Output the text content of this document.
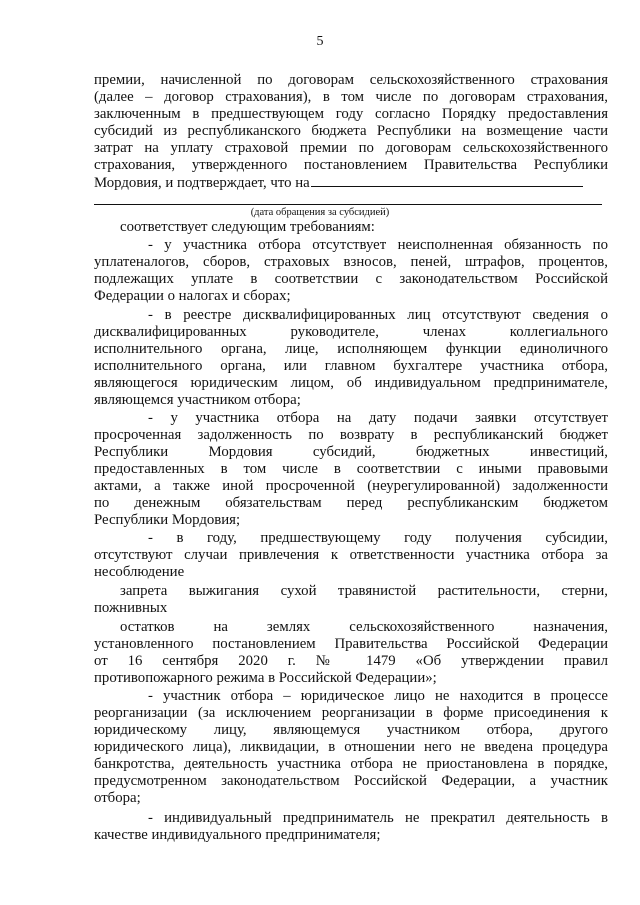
5
премии, начисленной по договорам сельскохозяйственного страхования
(далее – договор страхования), в том числе по договорам страхования,
заключенным в предшествующем году согласно Порядку предоставления
субсидий из республиканского бюджета Республики на возмещение части
затрат на уплату страховой премии по договорам сельскохозяйственного
страхования, утвержденного постановлением Правительства Республики
Мордовия, и подтверждает, что на
(дата обращения за субсидией)
соответствует следующим требованиям:
- у участника отбора отсутствует неисполненная обязанность по
уплатеналогов, сборов, страховых взносов, пеней, штрафов, процентов,
подлежащих уплате в соответствии с законодательством Российской
Федерации о налогах и сборах;
- в реестре дисквалифицированных лиц отсутствуют сведения о
дисквалифицированных руководителе, членах коллегиального
исполнительного органа, лице, исполняющем функции единоличного
исполнительного органа, или главном бухгалтере участника отбора,
являющегося юридическим лицом, об индивидуальном предпринимателе,
являющемся участником отбора;
- у участника отбора на дату подачи заявки отсутствует
просроченная задолженность по возврату в республиканский бюджет
Республики Мордовия субсидий, бюджетных инвестиций,
предоставленных в том числе в соответствии с иными правовыми
актами, а также иной просроченной (неурегулированной) задолженности
по денежным обязательствам перед республиканским бюджетом
Республики Мордовия;
- в году, предшествующему году получения субсидии,
отсутствуют случаи привлечения к ответственности участника отбора за
несоблюдение
запрета выжигания сухой травянистой растительности, стерни,
пожнивных
остатков на землях сельскохозяйственного назначения,
установленного постановлением Правительства Российской Федерации
от 16 сентября 2020 г. № 1479 «Об утверждении правил
противопожарного режима в Российской Федерации»;
- участник отбора – юридическое лицо не находится в процессе
реорганизации (за исключением реорганизации в форме присоединения к
юридическому лицу, являющемуся участником отбора, другого
юридического лица), ликвидации, в отношении него не введена процедура
банкротства, деятельность участника отбора не приостановлена в порядке,
предусмотренном законодательством Российской Федерации, а участник
отбора;
- индивидуальный предприниматель не прекратил деятельность в
качестве индивидуального предпринимателя;
